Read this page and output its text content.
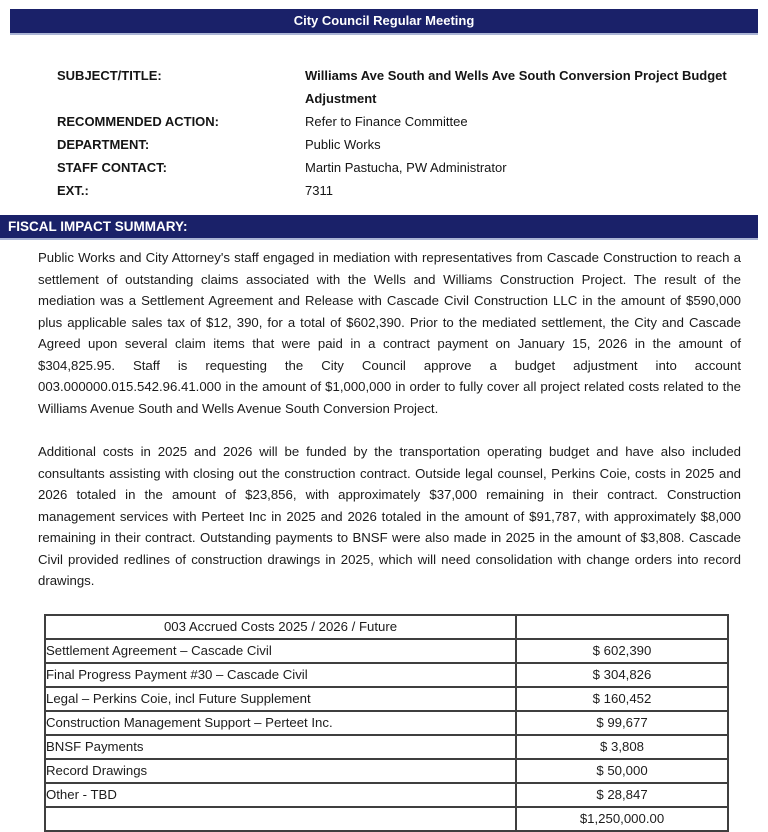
City Council Regular Meeting
SUBJECT/TITLE:	Williams Ave South and Wells Ave South Conversion Project Budget Adjustment
RECOMMENDED ACTION:	Refer to Finance Committee
DEPARTMENT:	Public Works
STAFF CONTACT:	Martin Pastucha, PW Administrator
EXT.:	7311
FISCAL IMPACT SUMMARY:

Public Works and City Attorney's staff engaged in mediation with representatives from Cascade Construction to reach a settlement of outstanding claims associated with the Wells and Williams Construction Project. The result of the mediation was a Settlement Agreement and Release with Cascade Civil Construction LLC in the amount of $590,000 plus applicable sales tax of $12, 390, for a total of $602,390. Prior to the mediated settlement, the City and Cascade Agreed upon several claim items that were paid in a contract payment on January 15, 2026 in the amount of $304,825.95. Staff is requesting the City Council approve a budget adjustment into account 003.000000.015.542.96.41.000 in the amount of $1,000,000 in order to fully cover all project related costs related to the Williams Avenue South and Wells Avenue South Conversion Project.

Additional costs in 2025 and 2026 will be funded by the transportation operating budget and have also included consultants assisting with closing out the construction contract. Outside legal counsel, Perkins Coie, costs in 2025 and 2026 totaled in the amount of $23,856, with approximately $37,000 remaining in their contract. Construction management services with Perteet Inc in 2025 and 2026 totaled in the amount of $91,787, with approximately $8,000 remaining in their contract. Outstanding payments to BNSF were also made in 2025 in the amount of $3,808. Cascade Civil provided redlines of construction drawings in 2025, which will need consolidation with change orders into record drawings.

003 Accrued Costs 2025 / 2026 / Future	
Settlement Agreement – Cascade Civil	$ 602,390
Final Progress Payment #30 – Cascade Civil	$ 304,826
Legal – Perkins Coie, incl Future Supplement	$ 160,452
Construction Management Support – Perteet Inc.	$ 99,677
BNSF Payments	$ 3,808
Record Drawings	$ 50,000
Other - TBD	$ 28,847
	$1,250,000.00
